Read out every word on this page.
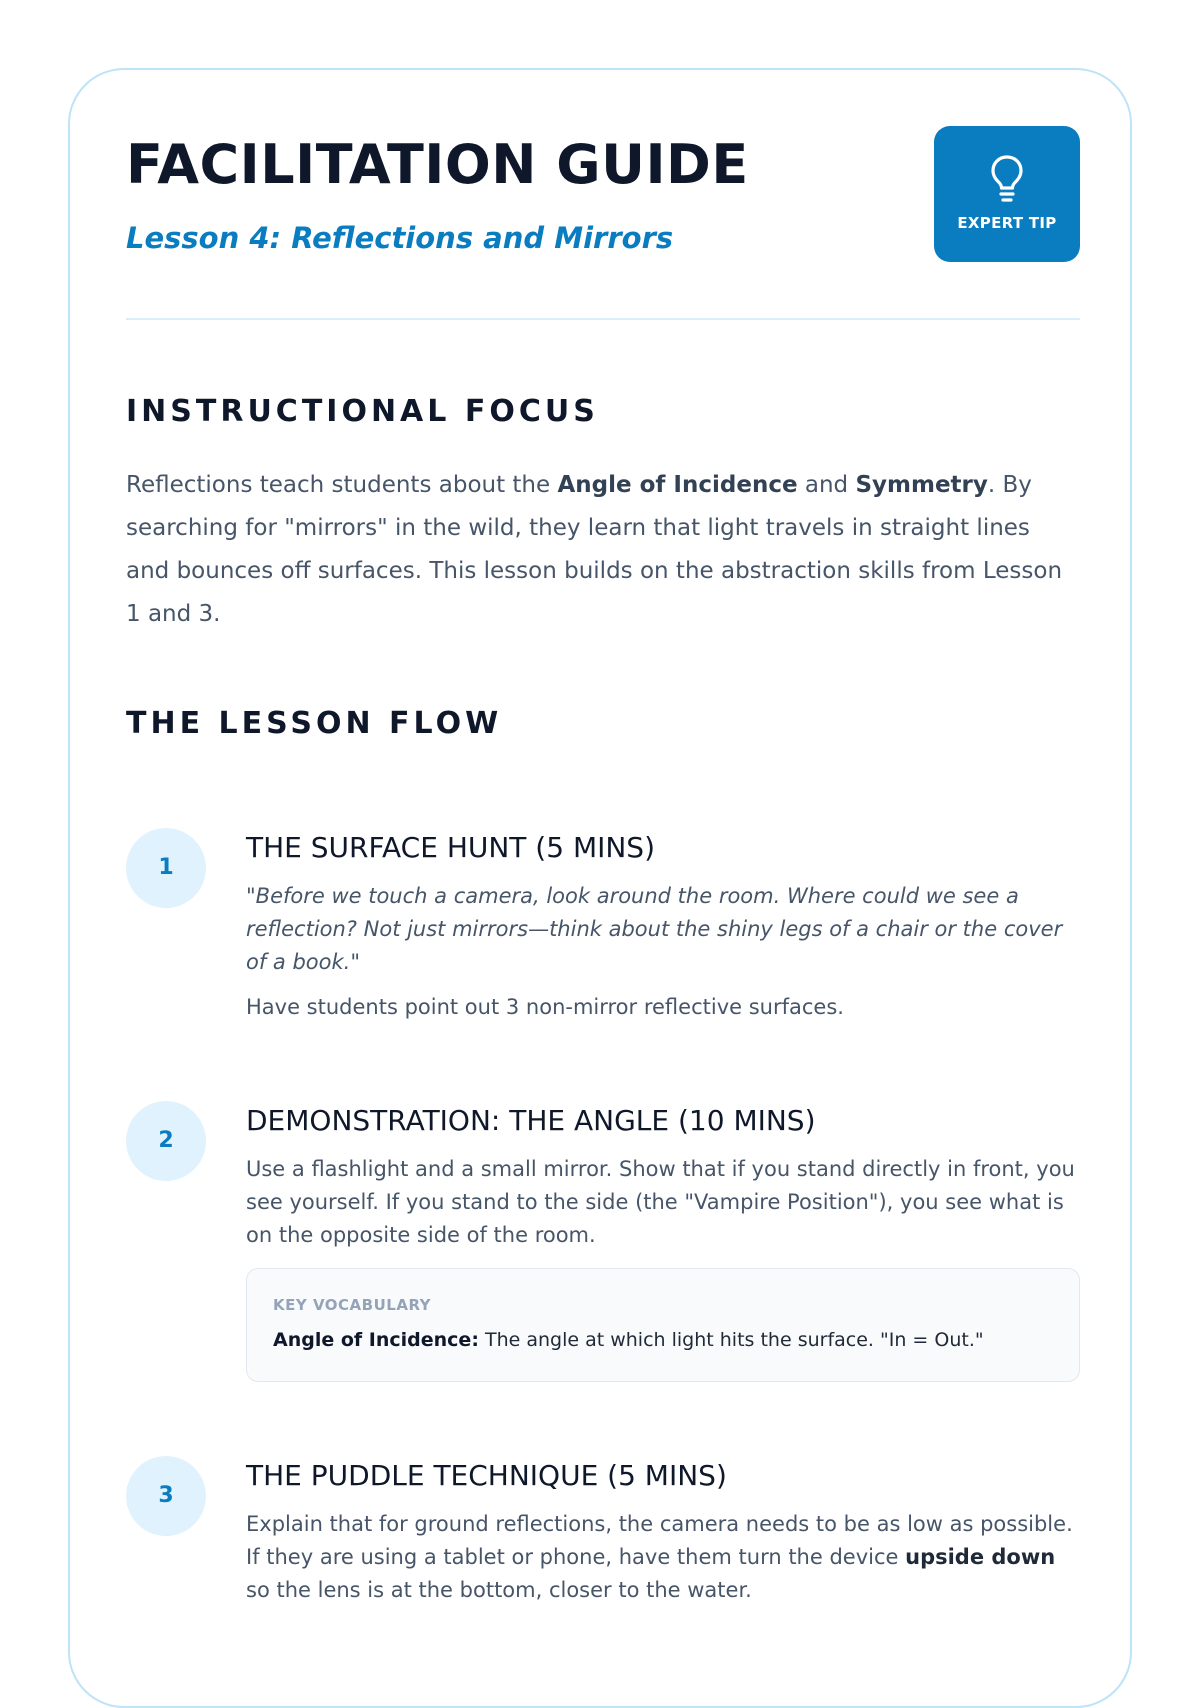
FACILITATION GUIDE
Lesson 4: Reflections and Mirrors	EXPERT TIP
INSTRUCTIONAL FOCUS

Reflections teach students about the Angle of Incidence and Symmetry. By searching for "mirrors" in the wild, they learn that light travels in straight lines and bounces off surfaces. This lesson builds on the abstraction skills from Lesson 1 and 3.

THE LESSON FLOW
1
THE SURFACE HUNT (5 MINS)

"Before we touch a camera, look around the room. Where could we see a reflection? Not just mirrors—think about the shiny legs of a chair or the cover of a book."

Have students point out 3 non-mirror reflective surfaces.

2
DEMONSTRATION: THE ANGLE (10 MINS)

Use a flashlight and a small mirror. Show that if you stand directly in front, you see yourself. If you stand to the side (the "Vampire Position"), you see what is on the opposite side of the room.

KEY VOCABULARY
Angle of Incidence: The angle at which light hits the surface. "In = Out."
3
THE PUDDLE TECHNIQUE (5 MINS)

Explain that for ground reflections, the camera needs to be as low as possible. If they are using a tablet or phone, have them turn the device upside down so the lens is at the bottom, closer to the water.
